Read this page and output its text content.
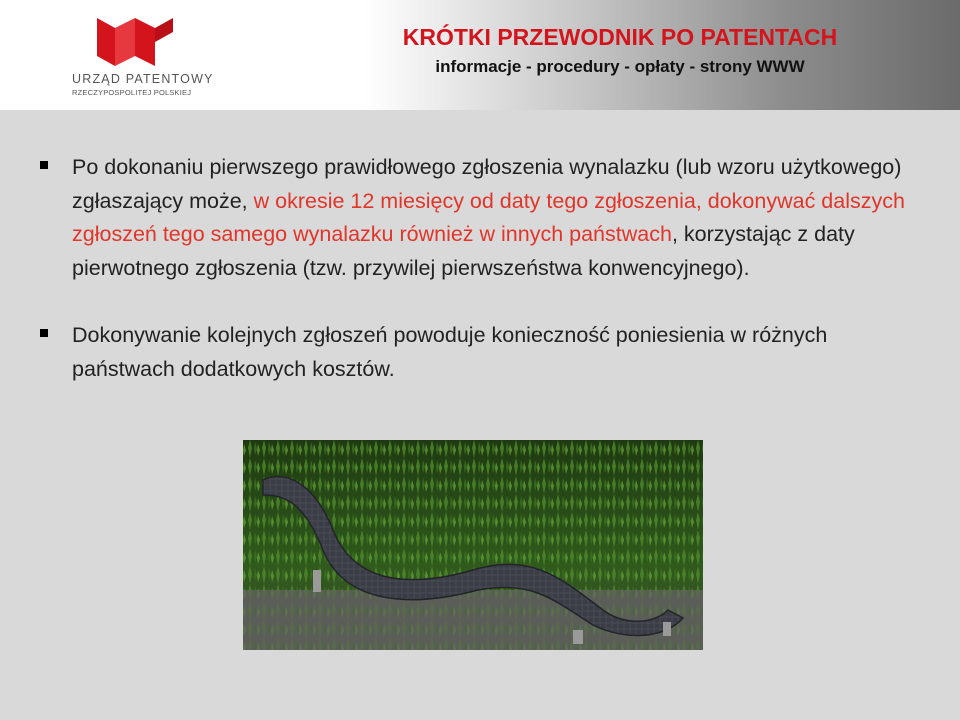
URZĄD PATENTOWY
RZECZYPOSPOLITEJ POLSKIEJ
KRÓTKI PRZEWODNIK PO PATENTACH
informacje - procedury - opłaty - strony WWW
Po dokonaniu pierwszego prawidłowego zgłoszenia wynalazku (lub wzoru użytkowego) zgłaszający może, w okresie 12 miesięcy od daty tego zgłoszenia, dokonywać dalszych zgłoszeń tego samego wynalazku również w innych państwach, korzystając z daty pierwotnego zgłoszenia (tzw. przywilej pierwszeństwa konwencyjnego).
Dokonywanie kolejnych zgłoszeń powoduje konieczność poniesienia w różnych państwach dodatkowych kosztów.
